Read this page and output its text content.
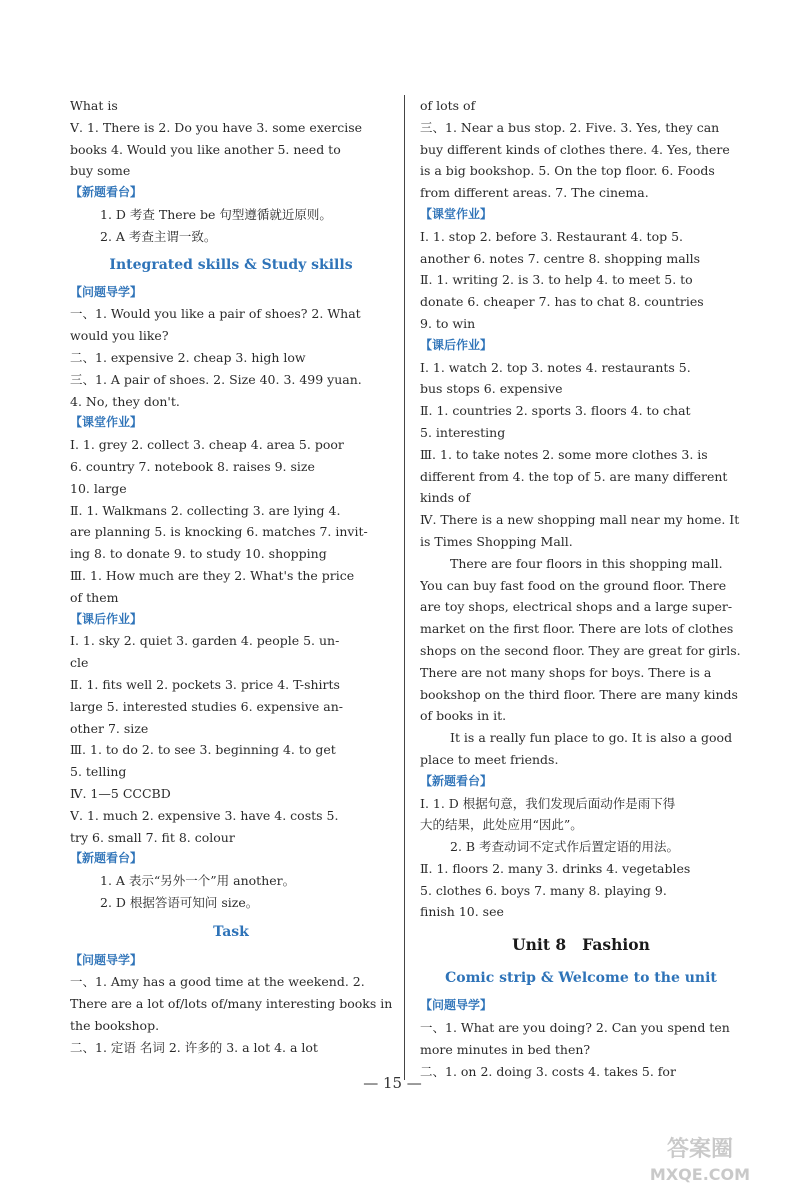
What is
Ⅴ. 1. There is 2. Do you have 3. some exercise
books 4. Would you like another 5. need to
buy some
【新题看台】
1. D 考查 There be 句型遵循就近原则。
2. A 考查主谓一致。
Integrated skills & Study skills
【问题导学】
一、1. Would you like a pair of shoes? 2. What
would you like?
二、1. expensive 2. cheap 3. high low
三、1. A pair of shoes. 2. Size 40. 3. 499 yuan.
4. No, they don't.
【课堂作业】
Ⅰ. 1. grey 2. collect 3. cheap 4. area 5. poor
6. country 7. notebook 8. raises 9. size
10. large
Ⅱ. 1. Walkmans 2. collecting 3. are lying 4.
are planning 5. is knocking 6. matches 7. invit-
ing 8. to donate 9. to study 10. shopping
Ⅲ. 1. How much are they 2. What's the price
of them
【课后作业】
Ⅰ. 1. sky 2. quiet 3. garden 4. people 5. un-
cle
Ⅱ. 1. fits well 2. pockets 3. price 4. T-shirts
large 5. interested studies 6. expensive an-
other 7. size
Ⅲ. 1. to do 2. to see 3. beginning 4. to get
5. telling
Ⅳ. 1—5 CCCBD
Ⅴ. 1. much 2. expensive 3. have 4. costs 5.
try 6. small 7. fit 8. colour
【新题看台】
1. A 表示“另外一个”用 another。
2. D 根据答语可知问 size。
Task
【问题导学】
一、1. Amy has a good time at the weekend. 2.
There are a lot of/lots of/many interesting books in
the bookshop.
二、1. 定语 名词 2. 许多的 3. a lot 4. a lot
of lots of
三、1. Near a bus stop. 2. Five. 3. Yes, they can
buy different kinds of clothes there. 4. Yes, there
is a big bookshop. 5. On the top floor. 6. Foods
from different areas. 7. The cinema.
【课堂作业】
Ⅰ. 1. stop 2. before 3. Restaurant 4. top 5.
another 6. notes 7. centre 8. shopping malls
Ⅱ. 1. writing 2. is 3. to help 4. to meet 5. to
donate 6. cheaper 7. has to chat 8. countries
9. to win
【课后作业】
Ⅰ. 1. watch 2. top 3. notes 4. restaurants 5.
bus stops 6. expensive
Ⅱ. 1. countries 2. sports 3. floors 4. to chat
5. interesting
Ⅲ. 1. to take notes 2. some more clothes 3. is
different from 4. the top of 5. are many different
kinds of
Ⅳ. There is a new shopping mall near my home. It
is Times Shopping Mall.
There are four floors in this shopping mall.
You can buy fast food on the ground floor. There
are toy shops, electrical shops and a large super-
market on the first floor. There are lots of clothes
shops on the second floor. They are great for girls.
There are not many shops for boys. There is a
bookshop on the third floor. There are many kinds
of books in it.
It is a really fun place to go. It is also a good
place to meet friends.
【新题看台】
Ⅰ. 1. D 根据句意，我们发现后面动作是雨下得
大的结果，此处应用“因此”。
2. B 考查动词不定式作后置定语的用法。
Ⅱ. 1. floors 2. many 3. drinks 4. vegetables
5. clothes 6. boys 7. many 8. playing 9.
finish 10. see
Unit 8 Fashion
Comic strip & Welcome to the unit
【问题导学】
一、1. What are you doing? 2. Can you spend ten
more minutes in bed then?
二、1. on 2. doing 3. costs 4. takes 5. for
— 15 —
答案圈
MXQE.COM
